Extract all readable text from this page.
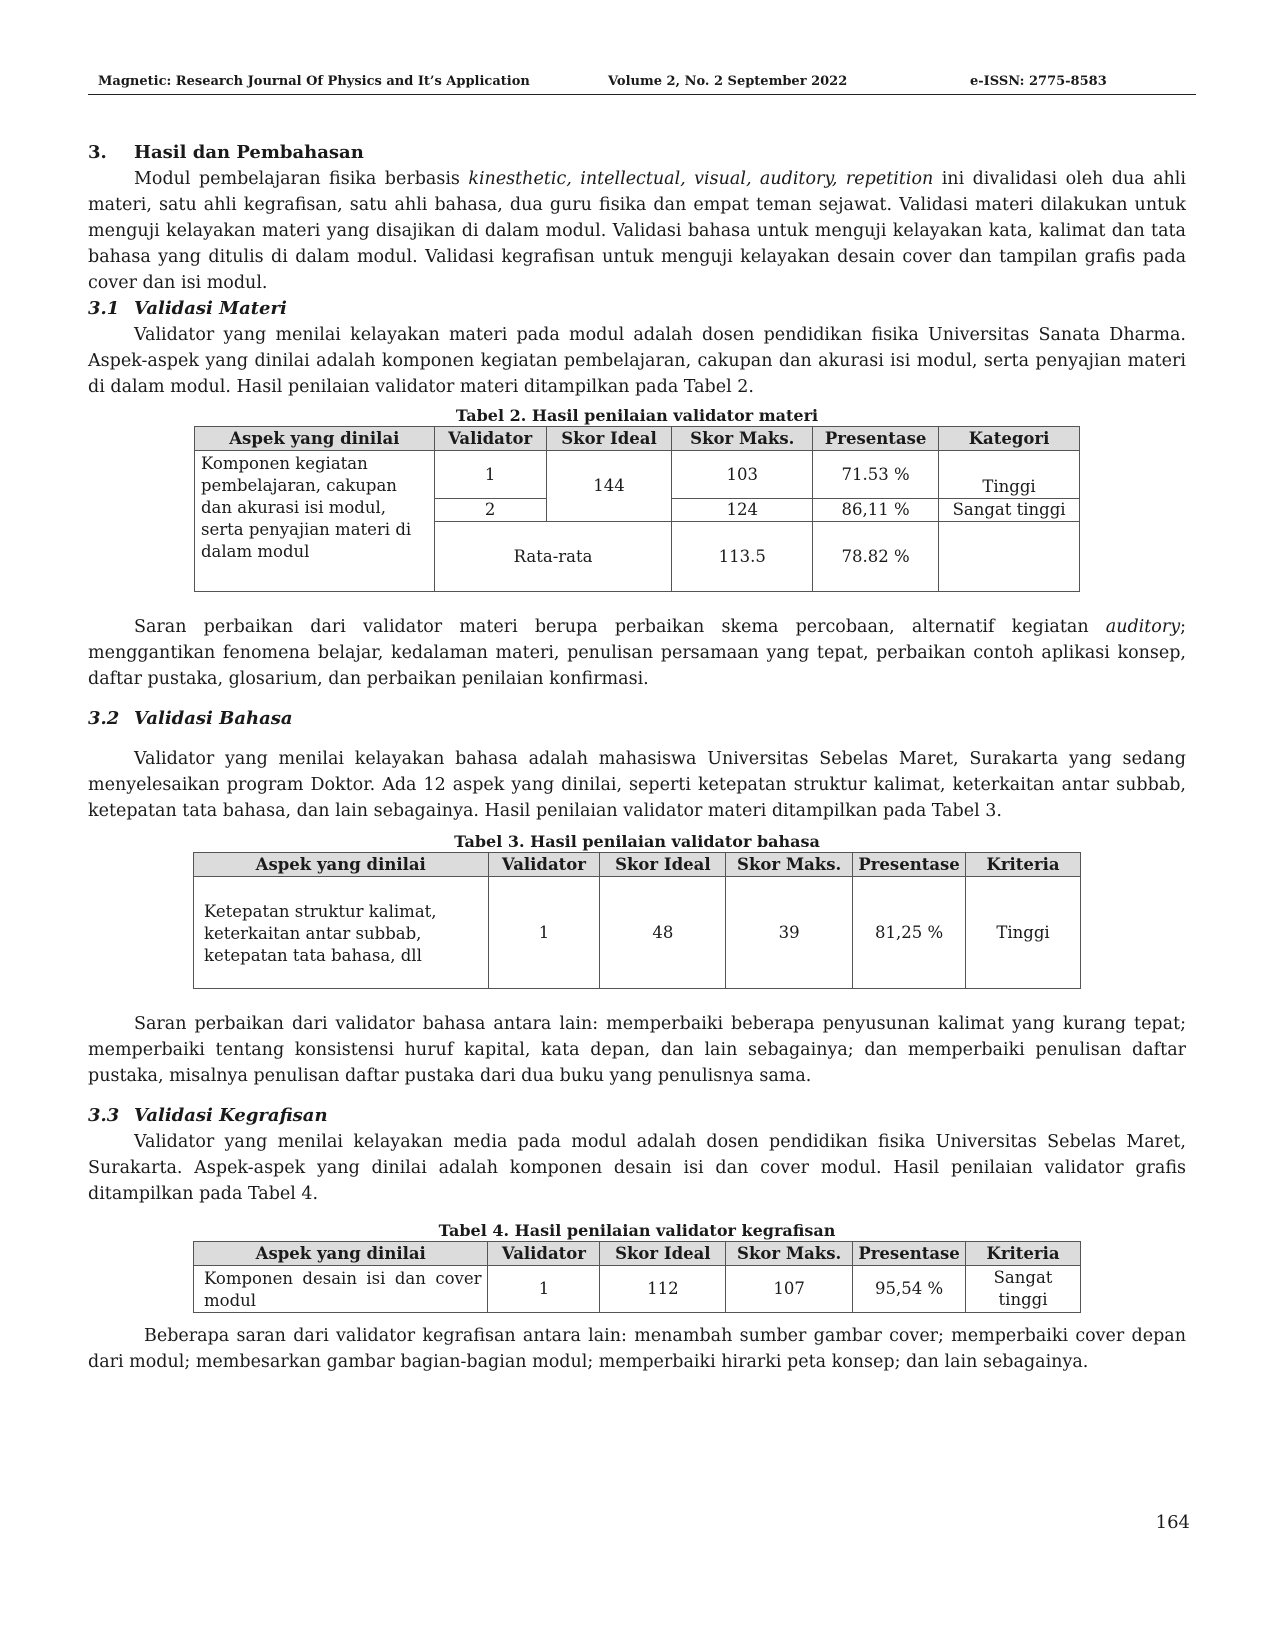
Magnetic: Research Journal Of Physics and It’s Application	Volume 2, No. 2 September 2022	e-ISSN: 2775-8583
3. Hasil dan Pembahasan

Modul pembelajaran fisika berbasis kinesthetic, intellectual, visual, auditory, repetition ini divalidasi oleh dua ahli materi, satu ahli kegrafisan, satu ahli bahasa, dua guru fisika dan empat teman sejawat. Validasi materi dilakukan untuk menguji kelayakan materi yang disajikan di dalam modul. Validasi bahasa untuk menguji kelayakan kata, kalimat dan tata bahasa yang ditulis di dalam modul. Validasi kegrafisan untuk menguji kelayakan desain cover dan tampilan grafis pada cover dan isi modul.

3.1 Validasi Materi

Validator yang menilai kelayakan materi pada modul adalah dosen pendidikan fisika Universitas Sanata Dharma. Aspek-aspek yang dinilai adalah komponen kegiatan pembelajaran, cakupan dan akurasi isi modul, serta penyajian materi di dalam modul. Hasil penilaian validator materi ditampilkan pada Tabel 2.

Tabel 2. Hasil penilaian validator materi
Aspek yang dinilai	Validator	Skor Ideal	Skor Maks.	Presentase	Kategori
Komponen kegiatan pembelajaran, cakupan dan akurasi isi modul, serta penyajian materi di dalam modul	1	144	103	71.53 %	Tinggi
	2		124	86,11 %	Sangat tinggi
	Rata-rata		113.5	78.82 %	

Saran perbaikan dari validator materi berupa perbaikan skema percobaan, alternatif kegiatan auditory; menggantikan fenomena belajar, kedalaman materi, penulisan persamaan yang tepat, perbaikan contoh aplikasi konsep, daftar pustaka, glosarium, dan perbaikan penilaian konfirmasi.

3.2 Validasi Bahasa

Validator yang menilai kelayakan bahasa adalah mahasiswa Universitas Sebelas Maret, Surakarta yang sedang menyelesaikan program Doktor. Ada 12 aspek yang dinilai, seperti ketepatan struktur kalimat, keterkaitan antar subbab, ketepatan tata bahasa, dan lain sebagainya. Hasil penilaian validator materi ditampilkan pada Tabel 3.

Tabel 3. Hasil penilaian validator bahasa
Aspek yang dinilai	Validator	Skor Ideal	Skor Maks.	Presentase	Kriteria
Ketepatan struktur kalimat, keterkaitan antar subbab, ketepatan tata bahasa, dll	1	48	39	81,25 %	Tinggi

Saran perbaikan dari validator bahasa antara lain: memperbaiki beberapa penyusunan kalimat yang kurang tepat; memperbaiki tentang konsistensi huruf kapital, kata depan, dan lain sebagainya; dan memperbaiki penulisan daftar pustaka, misalnya penulisan daftar pustaka dari dua buku yang penulisnya sama.

3.3 Validasi Kegrafisan

Validator yang menilai kelayakan media pada modul adalah dosen pendidikan fisika Universitas Sebelas Maret, Surakarta. Aspek-aspek yang dinilai adalah komponen desain isi dan cover modul. Hasil penilaian validator grafis ditampilkan pada Tabel 4.

Tabel 4. Hasil penilaian validator kegrafisan
Aspek yang dinilai	Validator	Skor Ideal	Skor Maks.	Presentase	Kriteria
Komponen desain isi dan cover modul	1	112	107	95,54 %	Sangat tinggi

Beberapa saran dari validator kegrafisan antara lain: menambah sumber gambar cover; memperbaiki cover depan dari modul; membesarkan gambar bagian-bagian modul; memperbaiki hirarki peta konsep; dan lain sebagainya.

164
